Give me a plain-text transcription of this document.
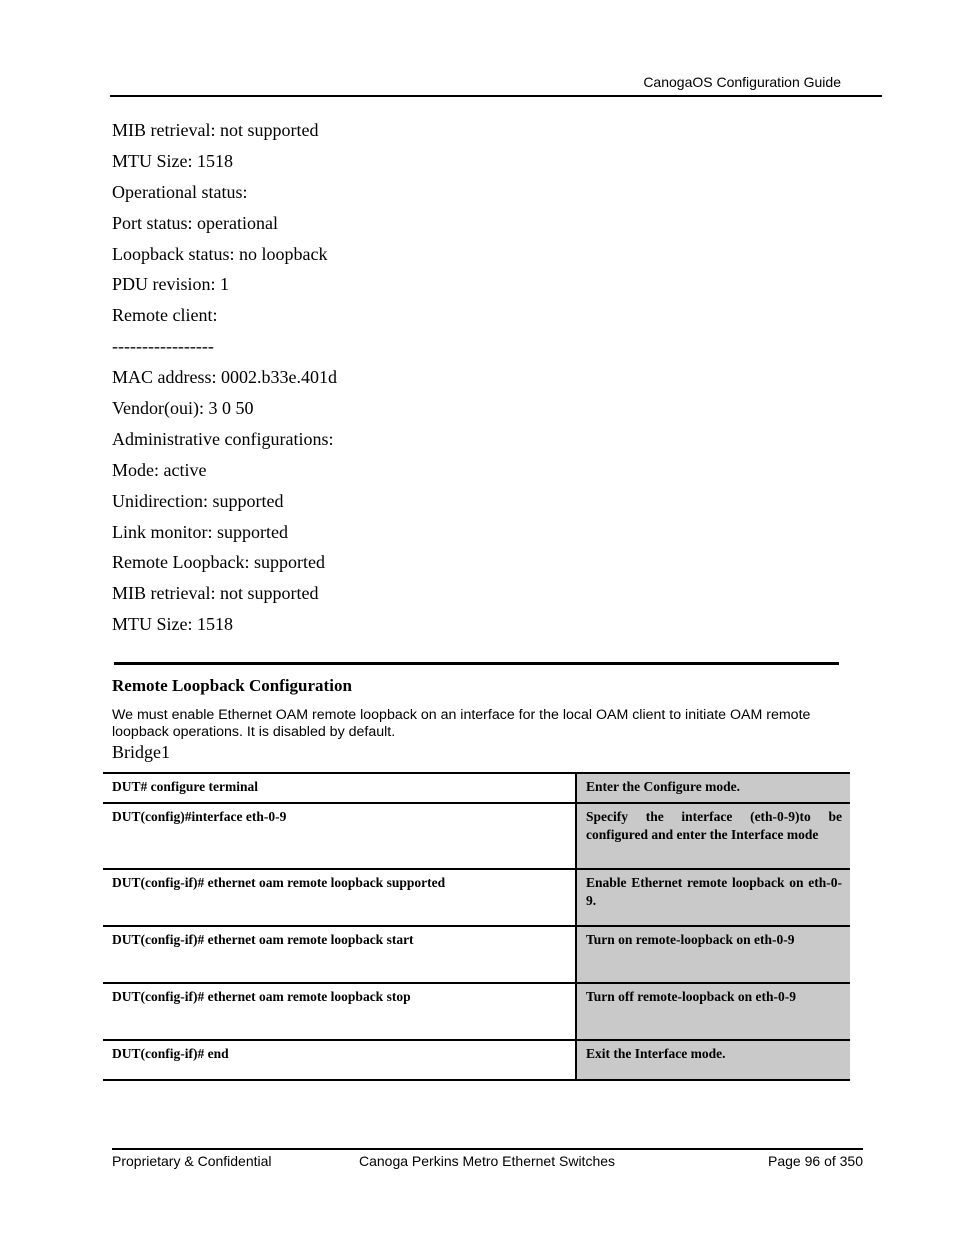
CanogaOS Configuration Guide
MIB retrieval: not supported
MTU Size: 1518
Operational status:
Port status: operational
Loopback status: no loopback
PDU revision: 1
Remote client:
-----------------
MAC address: 0002.b33e.401d
Vendor(oui): 3 0 50
Administrative configurations:
Mode: active
Unidirection: supported
Link monitor: supported
Remote Loopback: supported
MIB retrieval: not supported
MTU Size: 1518
Remote Loopback Configuration

We must enable Ethernet OAM remote loopback on an interface for the local OAM client to initiate OAM remote loopback operations. It is disabled by default.

Bridge1
DUT# configure terminal	Enter the Configure mode.
DUT(config)#interface eth-0-9	Specify the interface (eth-0-9)to be configured and enter the Interface mode
DUT(config-if)# ethernet oam remote loopback supported	Enable Ethernet remote loopback on eth-0-9.
DUT(config-if)# ethernet oam remote loopback start	Turn on remote-loopback on eth-0-9
DUT(config-if)# ethernet oam remote loopback stop	Turn off remote-loopback on eth-0-9
DUT(config-if)# end	Exit the Interface mode.
Proprietary & Confidential	Canoga Perkins Metro Ethernet Switches	Page 96 of 350
